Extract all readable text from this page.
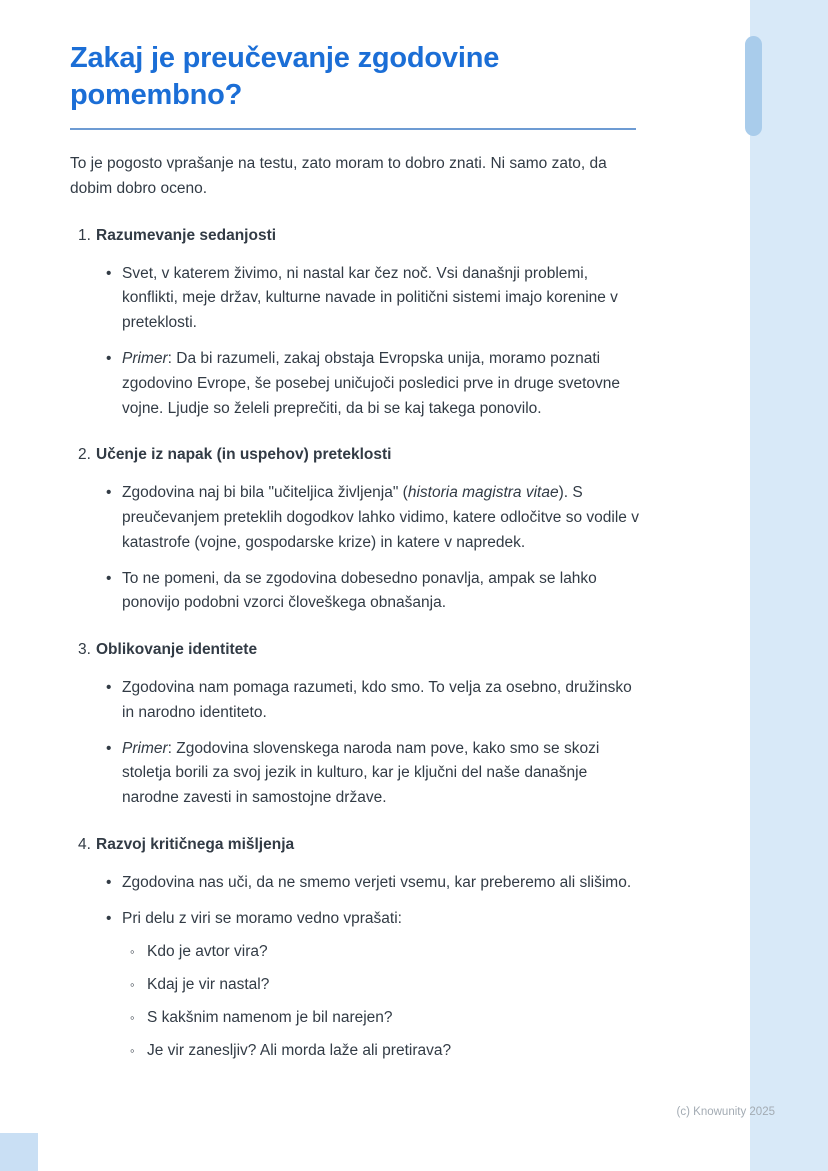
Zakaj je preučevanje zgodovine pomembno?

To je pogosto vprašanje na testu, zato moram to dobro znati. Ni samo zato, da dobim dobro oceno.

1. Razumevanje sedanjosti
• Svet, v katerem živimo, ni nastal kar čez noč. Vsi današnji problemi, konflikti, meje držav, kulturne navade in politični sistemi imajo korenine v preteklosti.
• Primer: Da bi razumeli, zakaj obstaja Evropska unija, moramo poznati zgodovino Evrope, še posebej uničujoči posledici prve in druge svetovne vojne. Ljudje so želeli preprečiti, da bi se kaj takega ponovilo.
2. Učenje iz napak (in uspehov) preteklosti
• Zgodovina naj bi bila "učiteljica življenja" (historia magistra vitae). S preučevanjem preteklih dogodkov lahko vidimo, katere odločitve so vodile v katastrofe (vojne, gospodarske krize) in katere v napredek.
• To ne pomeni, da se zgodovina dobesedno ponavlja, ampak se lahko ponovijo podobni vzorci človeškega obnašanja.
3. Oblikovanje identitete
• Zgodovina nam pomaga razumeti, kdo smo. To velja za osebno, družinsko in narodno identiteto.
• Primer: Zgodovina slovenskega naroda nam pove, kako smo se skozi stoletja borili za svoj jezik in kulturo, kar je ključni del naše današnje narodne zavesti in samostojne države.
4. Razvoj kritičnega mišljenja
• Zgodovina nas uči, da ne smemo verjeti vsemu, kar preberemo ali slišimo.
• Pri delu z viri se moramo vedno vprašati:
◦ Kdo je avtor vira?
◦ Kdaj je vir nastal?
◦ S kakšnim namenom je bil narejen?
◦ Je vir zanesljiv? Ali morda laže ali pretirava?
(c) Knowunity 2025
